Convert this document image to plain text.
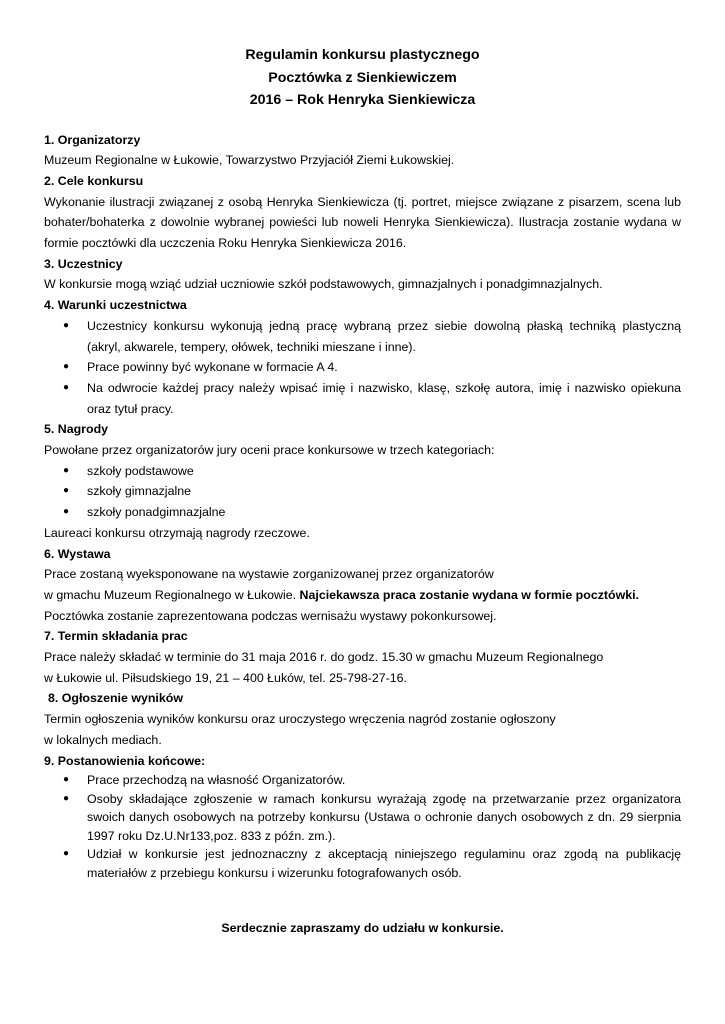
Regulamin konkursu plastycznego
Pocztówka z Sienkiewiczem
2016 – Rok Henryka Sienkiewicza
1. Organizatorzy
Muzeum Regionalne w Łukowie, Towarzystwo Przyjaciół Ziemi Łukowskiej.
2. Cele konkursu
Wykonanie ilustracji związanej z osobą Henryka Sienkiewicza (tj. portret, miejsce związane z pisarzem, scena lub bohater/bohaterka z dowolnie wybranej powieści lub noweli Henryka Sienkiewicza). Ilustracja zostanie wydana w formie pocztówki dla uczczenia Roku Henryka Sienkiewicza 2016.
3. Uczestnicy
W konkursie mogą wziąć udział uczniowie szkół podstawowych, gimnazjalnych i ponadgimnazjalnych.
4. Warunki uczestnictwa
● Uczestnicy konkursu wykonują jedną pracę wybraną przez siebie dowolną płaską techniką plastyczną (akryl, akwarele, tempery, ołówek, techniki mieszane i inne).
● Prace powinny być wykonane w formacie A 4.
● Na odwrocie każdej pracy należy wpisać imię i nazwisko, klasę, szkołę autora, imię i nazwisko opiekuna oraz tytuł pracy.
5. Nagrody
Powołane przez organizatorów jury oceni prace konkursowe w trzech kategoriach:
● szkoły podstawowe
● szkoły gimnazjalne
● szkoły ponadgimnazjalne
Laureaci konkursu otrzymają nagrody rzeczowe.
6. Wystawa
Prace zostaną wyeksponowane na wystawie zorganizowanej przez organizatorów
w gmachu Muzeum Regionalnego w Łukowie. Najciekawsza praca zostanie wydana w formie pocztówki.
Pocztówka zostanie zaprezentowana podczas wernisażu wystawy pokonkursowej.
7. Termin składania prac
Prace należy składać w terminie do 31 maja 2016 r. do godz. 15.30 w gmachu Muzeum Regionalnego
w Łukowie ul. Piłsudskiego 19, 21 – 400 Łuków, tel. 25-798-27-16.
8. Ogłoszenie wyników
Termin ogłoszenia wyników konkursu oraz uroczystego wręczenia nagród zostanie ogłoszony
w lokalnych mediach.
9. Postanowienia końcowe:
● Prace przechodzą na własność Organizatorów.
● Osoby składające zgłoszenie w ramach konkursu wyrażają zgodę na przetwarzanie przez organizatora swoich danych osobowych na potrzeby konkursu (Ustawa o ochronie danych osobowych z dn. 29 sierpnia 1997 roku Dz.U.Nr133,poz. 833 z późn. zm.).
● Udział w konkursie jest jednoznaczny z akceptacją niniejszego regulaminu oraz zgodą na publikację materiałów z przebiegu konkursu i wizerunku fotografowanych osób.
Serdecznie zapraszamy do udziału w konkursie.
